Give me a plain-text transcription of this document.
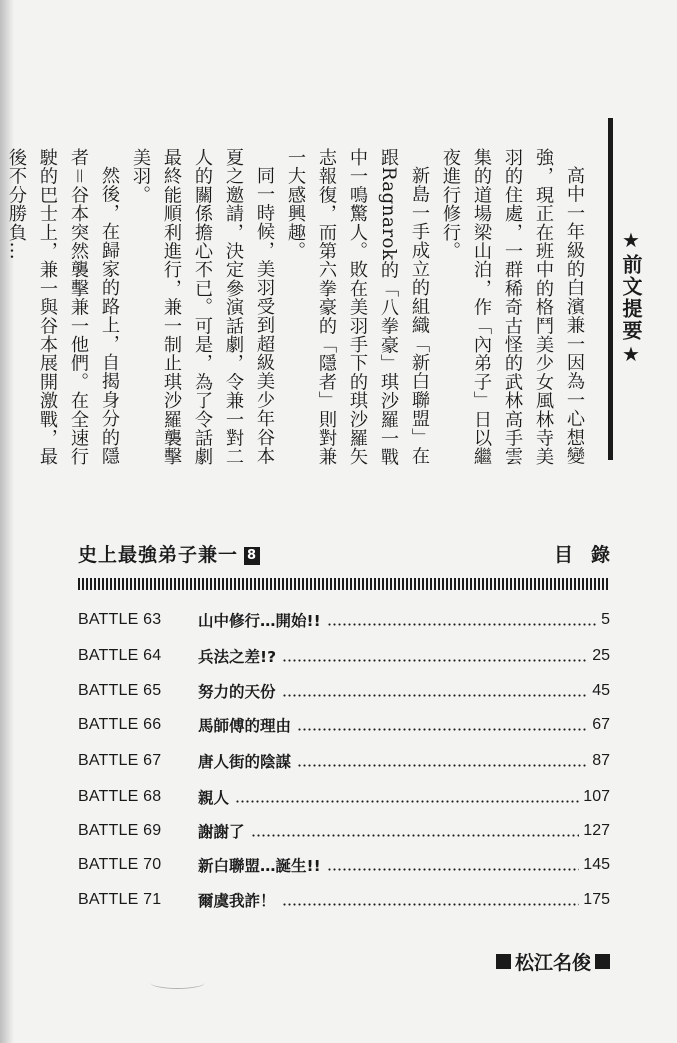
★前文提要★

高中一年級的白濱兼一因為一心想變強，現正在班中的格鬥美少女風林寺美羽的住處，一群稀奇古怪的武林高手雲集的道場梁山泊，作「內弟子」日以繼夜進行修行。

新島一手成立的組織「新白聯盟」在跟Ragnarok的「八拳豪」琪沙羅一戰中一鳴驚人。敗在美羽手下的琪沙羅矢志報復，而第六拳豪的「隱者」則對兼一大感興趣。

同一時候，美羽受到超級美少年谷本夏之邀請，決定參演話劇，令兼一對二人的關係擔心不已。可是，為了令話劇最終能順利進行，兼一制止琪沙羅襲擊美羽。

然後，在歸家的路上，自揭身分的隱者＝谷本突然襲擊兼一他們。在全速行駛的巴士上，兼一與谷本展開激戰，最後不分勝負…

史上最強弟子兼一 8	目錄
BATTLE 63	山中修行…開始!!	5
BATTLE 64	兵法之差!?	25
BATTLE 65	努力的天份	45
BATTLE 66	馬師傅的理由	67
BATTLE 67	唐人街的陰謀	87
BATTLE 68	親人	107
BATTLE 69	謝謝了	127
BATTLE 70	新白聯盟…誕生!!	145
BATTLE 71	爾虞我詐！	175
松江名俊
